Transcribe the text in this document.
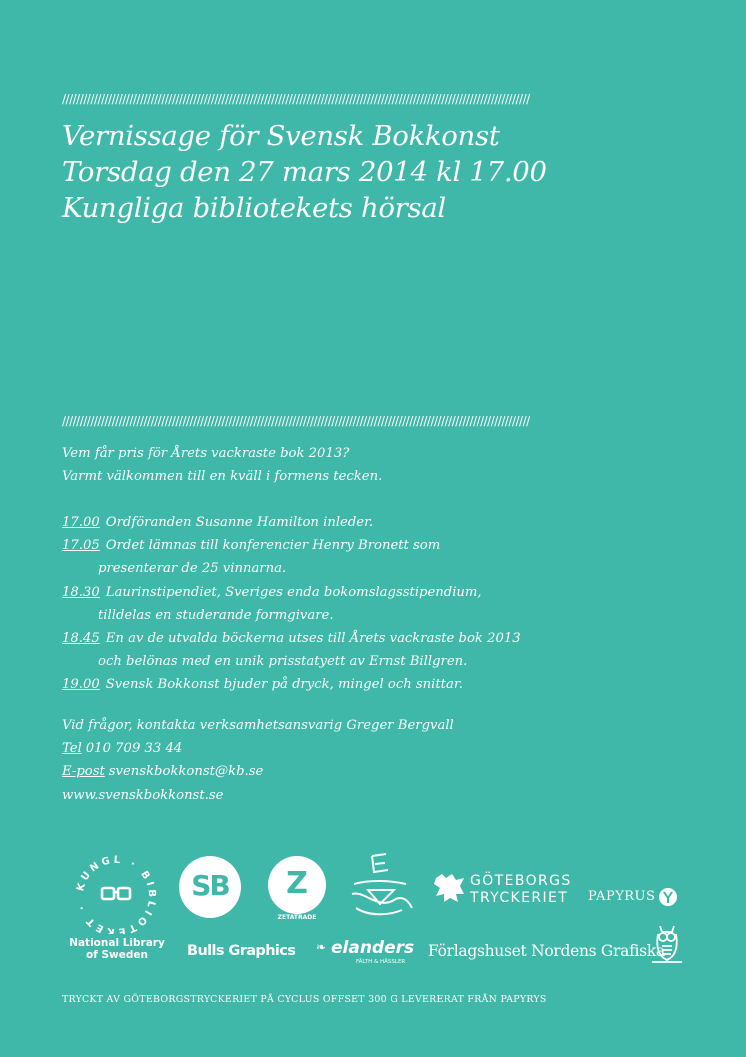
////////////////////////////////////////////////////////////////////////////////////////////////////////////////////////////////////
Vernissage för Svensk Bokkonst
Torsdag den 27 mars 2014 kl 17.00
Kungliga bibliotekets hörsal
////////////////////////////////////////////////////////////////////////////////////////////////////////////////////////////////////
Vem får pris för Årets vackraste bok 2013?
Varmt välkommen till en kväll i formens tecken.
17.00 Ordföranden Susanne Hamilton inleder.
17.05 Ordet lämnas till konferencier Henry Bronett som
presenterar de 25 vinnarna.
18.30 Laurinstipendiet, Sveriges enda bokomslagsstipendium,
tilldelas en studerande formgivare.
18.45 En av de utvalda böckerna utses till Årets vackraste bok 2013
och belönas med en unik prisstatyett av Ernst Billgren.
19.00 Svensk Bokkonst bjuder på dryck, mingel och snittar.
Vid frågor, kontakta verksamhetsansvarig Greger Bergvall
Tel 010 709 33 44
E-post svenskbokkonst@kb.se
www.svenskbokkonst.se
KUNGL · BIBLIOTEKET ·
SB	Z
ZETATRADE
GÖTEBORGS
TRYCKERIET PAPYRUS
National Library of Sweden	Bulls Graphics ❧ elanders
FÄLTH & HÄSSLER
Förlagshuset Nordens Grafiska
TRYCKT AV GÖTEBORGSTRYCKERIET PÅ CYCLUS OFFSET 300 G LEVERERAT FRÅN PAPYRYS
